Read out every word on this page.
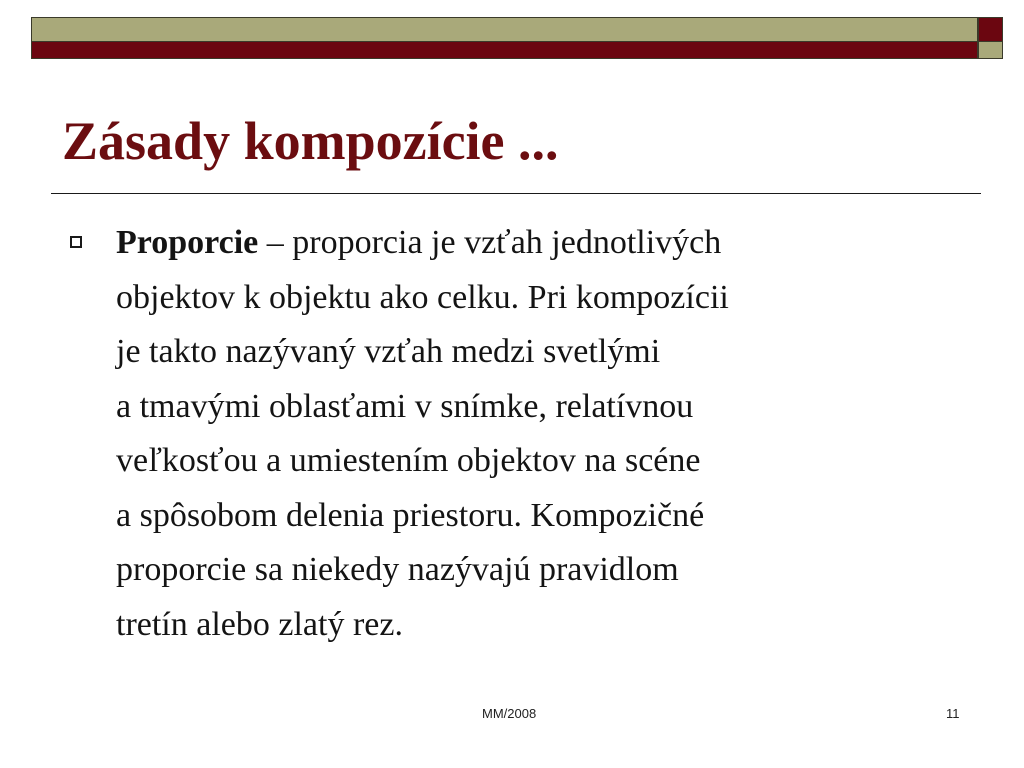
Zásady kompozície ...
Proporcie – proporcia je vzťah jednotlivých
objektov k objektu ako celku. Pri kompozícii
je takto nazývaný vzťah medzi svetlými
a tmavými oblasťami v snímke, relatívnou
veľkosťou a umiestením objektov na scéne
a spôsobom delenia priestoru. Kompozičné
proporcie sa niekedy nazývajú pravidlom
tretín alebo zlatý rez.
MM/2008	11
